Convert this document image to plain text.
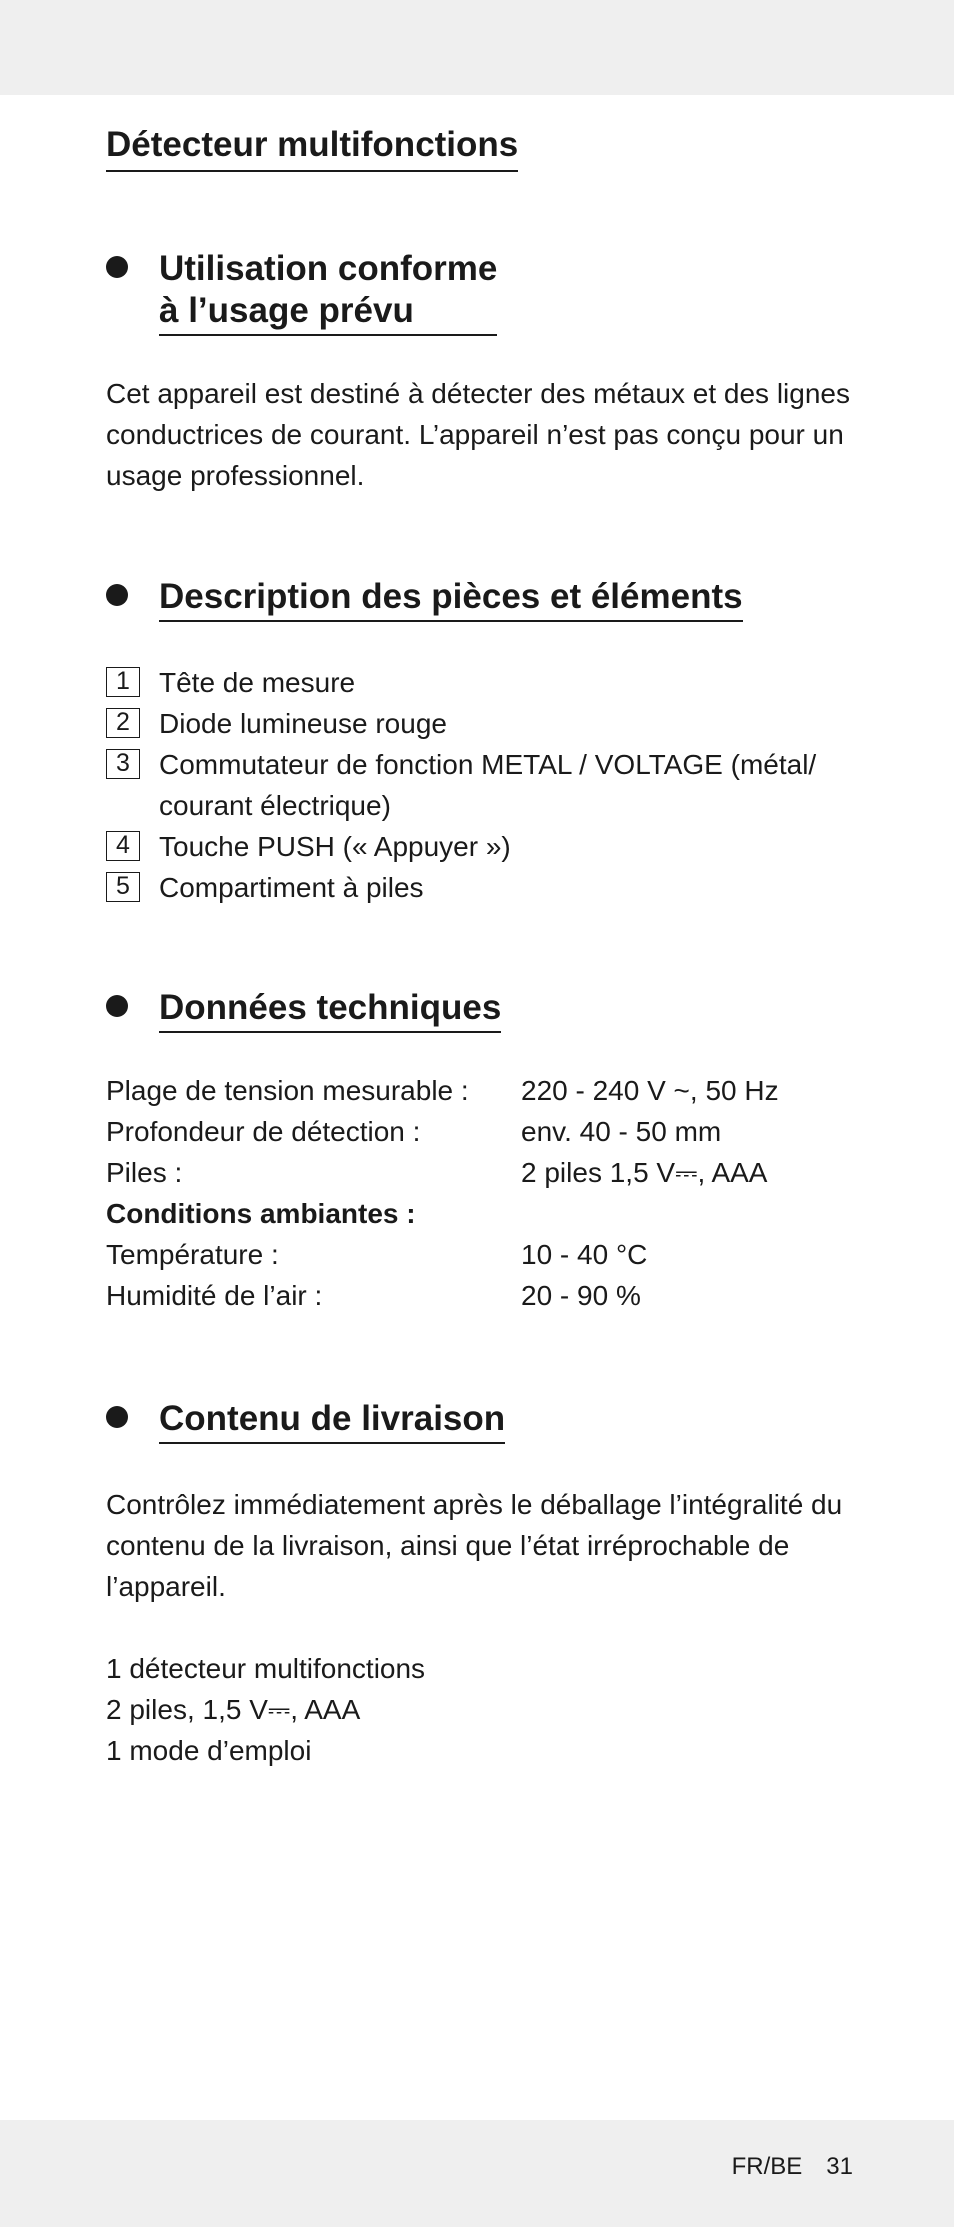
Détecteur multifonctions
Utilisation conforme
à l’usage prévu

Cet appareil est destiné à détecter des métaux et des lignes conductrices de courant. L’appareil n’est pas conçu pour un usage professionnel.

Description des pièces et éléments
1	Tête de mesure
2	Diode lumineuse rouge
3	Commutateur de fonction METAL / VOLTAGE (métal/ courant électrique)
4	Touche PUSH (« Appuyer »)
5	Compartiment à piles
Données techniques
Plage de tension mesurable : 220 - 240 V ~, 50 Hz
Profondeur de détection :	env. 40 - 50 mm
Piles :	2 piles 1,5 V⎓, AAA
Conditions ambiantes :
Température :	10 - 40 °C
Humidité de l’air :	20 - 90 %
Contenu de livraison

Contrôlez immédiatement après le déballage l’intégralité du contenu de la livraison, ainsi que l’état irréprochable de l’appareil.

1 détecteur multifonctions
2 piles, 1,5 V⎓, AAA
1 mode d’emploi
FR/BE 31
